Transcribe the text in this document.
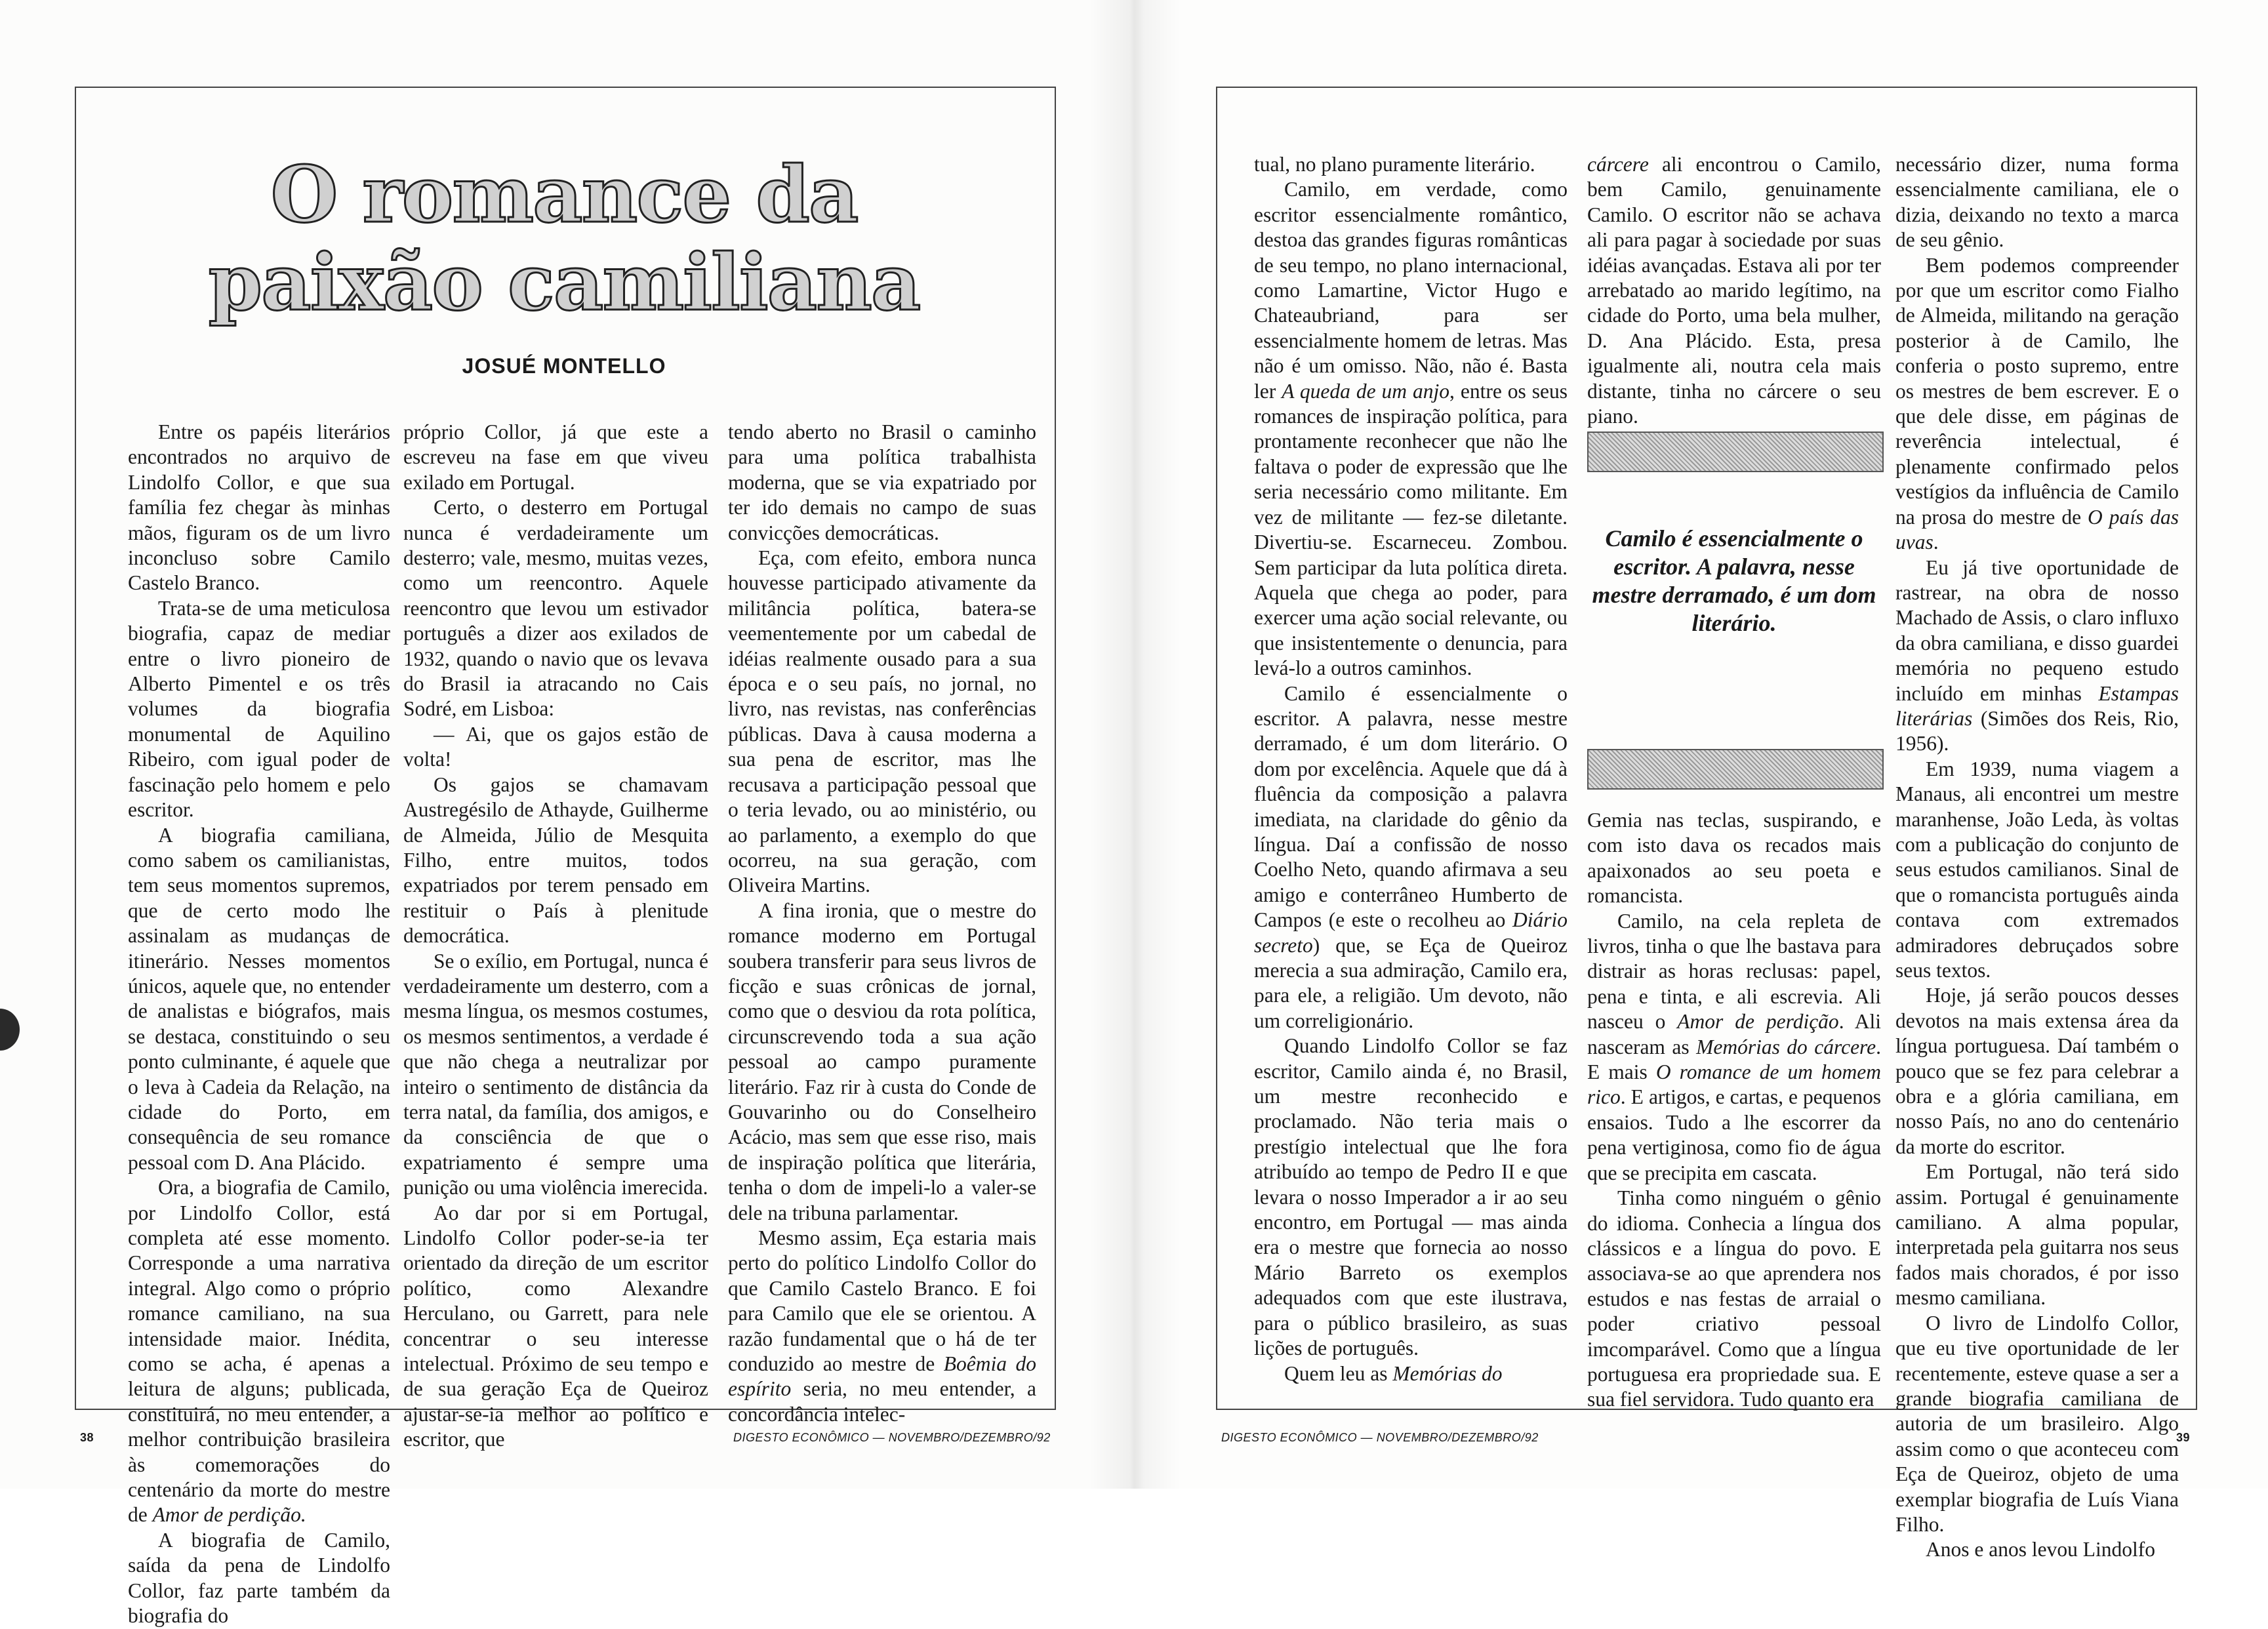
O romance da
paixão camiliana
JOSUÉ MONTELLO

Entre os papéis literários encontrados no arquivo de Lindolfo Collor, e que sua família fez chegar às minhas mãos, figuram os de um livro inconcluso sobre Camilo Castelo Branco.

Trata-se de uma meticulosa biografia, capaz de mediar entre o livro pioneiro de Alberto Pimentel e os três volumes da biografia monumental de Aquilino Ribeiro, com igual poder de fascinação pelo homem e pelo escritor.

A biografia camiliana, como sabem os camilianistas, tem seus momentos supremos, que de certo modo lhe assinalam as mudanças de itinerário. Nesses momentos únicos, aquele que, no entender de analistas e biógrafos, mais se destaca, constituindo o seu ponto culminante, é aquele que o leva à Cadeia da Relação, na cidade do Porto, em consequência de seu romance pessoal com D. Ana Plácido.

Ora, a biografia de Camilo, por Lindolfo Collor, está completa até esse momento. Corresponde a uma narrativa integral. Algo como o próprio romance camiliano, na sua intensidade maior. Inédita, como se acha, é apenas a leitura de alguns; publicada, constituirá, no meu entender, a melhor contribuição brasileira às comemorações do centenário da morte do mestre de Amor de perdição.

A biografia de Camilo, saída da pena de Lindolfo Collor, faz parte também da biografia do

próprio Collor, já que este a escreveu na fase em que viveu exilado em Portugal.

Certo, o desterro em Portugal nunca é verdadeiramente um desterro; vale, mesmo, muitas vezes, como um reencontro. Aquele reencontro que levou um estivador português a dizer aos exilados de 1932, quando o navio que os levava do Brasil ia atracando no Cais Sodré, em Lisboa:

— Ai, que os gajos estão de volta!

Os gajos se chamavam Austregésilo de Athayde, Guilherme de Almeida, Júlio de Mesquita Filho, entre muitos, todos expatriados por terem pensado em restituir o País à plenitude democrática.

Se o exílio, em Portugal, nunca é verdadeiramente um desterro, com a mesma língua, os mesmos costumes, os mesmos sentimentos, a verdade é que não chega a neutralizar por inteiro o sentimento de distância da terra natal, da família, dos amigos, e da consciência de que o expatriamento é sempre uma punição ou uma violência imerecida.

Ao dar por si em Portugal, Lindolfo Collor poder-se-ia ter orientado da direção de um escritor político, como Alexandre Herculano, ou Garrett, para nele concentrar o seu interesse intelectual. Próximo de seu tempo e de sua geração Eça de Queiroz ajustar-se-ia melhor ao político e escritor, que

tendo aberto no Brasil o caminho para uma política trabalhista moderna, que se via expatriado por ter ido demais no campo de suas convicções democráticas.

Eça, com efeito, embora nunca houvesse participado ativamente da militância política, batera-se veementemente por um cabedal de idéias realmente ousado para a sua época e o seu país, no jornal, no livro, nas revistas, nas conferências públicas. Dava à causa moderna a sua pena de escritor, mas lhe recusava a participação pessoal que o teria levado, ou ao ministério, ou ao parlamento, a exemplo do que ocorreu, na sua geração, com Oliveira Martins.

A fina ironia, que o mestre do romance moderno em Portugal soubera transferir para seus livros de ficção e suas crônicas de jornal, como que o desviou da rota política, circunscrevendo toda a sua ação pessoal ao campo puramente literário. Faz rir à custa do Conde de Gouvarinho ou do Conselheiro Acácio, mas sem que esse riso, mais de inspiração política que literária, tenha o dom de impeli-lo a valer-se dele na tribuna parlamentar.

Mesmo assim, Eça estaria mais perto do político Lindolfo Collor do que Camilo Castelo Branco. E foi para Camilo que ele se orientou. A razão fundamental que o há de ter conduzido ao mestre de Boêmia do espírito seria, no meu entender, a concordância intelec-

tual, no plano puramente literário.

Camilo, em verdade, como escritor essencialmente romântico, destoa das grandes figuras românticas de seu tempo, no plano internacional, como Lamartine, Victor Hugo e Chateaubriand, para ser essencialmente homem de letras. Mas não é um omisso. Não, não é. Basta ler A queda de um anjo, entre os seus romances de inspiração política, para prontamente reconhecer que não lhe faltava o poder de expressão que lhe seria necessário como militante. Em vez de militante — fez-se diletante. Divertiu-se. Escarneceu. Zombou. Sem participar da luta política direta. Aquela que chega ao poder, para exercer uma ação social relevante, ou que insistentemente o denuncia, para levá-lo a outros caminhos.

Camilo é essencialmente o escritor. A palavra, nesse mestre derramado, é um dom literário. O dom por excelência. Aquele que dá à fluência da composição a palavra imediata, na claridade do gênio da língua. Daí a confissão de nosso Coelho Neto, quando afirmava a seu amigo e conterrâneo Humberto de Campos (e este o recolheu ao Diário secreto) que, se Eça de Queiroz merecia a sua admiração, Camilo era, para ele, a religião. Um devoto, não um correligionário.

Quando Lindolfo Collor se faz escritor, Camilo ainda é, no Brasil, um mestre reconhecido e proclamado. Não teria mais o prestígio intelectual que lhe fora atribuído ao tempo de Pedro II e que levara o nosso Imperador a ir ao seu encontro, em Portugal — mas ainda era o mestre que fornecia ao nosso Mário Barreto os exemplos adequados com que este ilustrava, para o público brasileiro, as suas lições de português.

Quem leu as Memórias do

cárcere ali encontrou o Camilo, bem Camilo, genuinamente Camilo. O escritor não se achava ali para pagar à sociedade por suas idéias avançadas. Estava ali por ter arrebatado ao marido legítimo, na cidade do Porto, uma bela mulher, D. Ana Plácido. Esta, presa igualmente ali, noutra cela mais distante, tinha no cárcere o seu piano.

Camilo é essencialmente o escritor. A palavra, nesse mestre derramado, é um dom literário.

Gemia nas teclas, suspirando, e com isto dava os recados mais apaixonados ao seu poeta e romancista.

Camilo, na cela repleta de livros, tinha o que lhe bastava para distrair as horas reclusas: papel, pena e tinta, e ali escrevia. Ali nasceu o Amor de perdição. Ali nasceram as Memórias do cárcere. E mais O romance de um homem rico. E artigos, e cartas, e pequenos ensaios. Tudo a lhe escorrer da pena vertiginosa, como fio de água que se precipita em cascata.

Tinha como ninguém o gênio do idioma. Conhecia a língua dos clássicos e a língua do povo. E associava-se ao que aprendera nos estudos e nas festas de arraial o poder criativo pessoal imcomparável. Como que a língua portuguesa era propriedade sua. E sua fiel servidora. Tudo quanto era

necessário dizer, numa forma essencialmente camiliana, ele o dizia, deixando no texto a marca de seu gênio.

Bem podemos compreender por que um escritor como Fialho de Almeida, militando na geração posterior à de Camilo, lhe conferia o posto supremo, entre os mestres de bem escrever. E o que dele disse, em páginas de reverência intelectual, é plenamente confirmado pelos vestígios da influência de Camilo na prosa do mestre de O país das uvas.

Eu já tive oportunidade de rastrear, na obra de nosso Machado de Assis, o claro influxo da obra camiliana, e disso guardei memória no pequeno estudo incluído em minhas Estampas literárias (Simões dos Reis, Rio, 1956).

Em 1939, numa viagem a Manaus, ali encontrei um mestre maranhense, João Leda, às voltas com a publicação do conjunto de seus estudos camilianos. Sinal de que o romancista português ainda contava com extremados admiradores debruçados sobre seus textos.

Hoje, já serão poucos desses devotos na mais extensa área da língua portuguesa. Daí também o pouco que se fez para celebrar a obra e a glória camiliana, em nosso País, no ano do centenário da morte do escritor.

Em Portugal, não terá sido assim. Portugal é genuinamente camiliano. A alma popular, interpretada pela guitarra nos seus fados mais chorados, é por isso mesmo camiliana.

O livro de Lindolfo Collor, que eu tive oportunidade de ler recentemente, esteve quase a ser a grande biografia camiliana de autoria de um brasileiro. Algo assim como o que aconteceu com Eça de Queiroz, objeto de uma exemplar biografia de Luís Viana Filho.

Anos e anos levou Lindolfo

38	DIGESTO ECONÔMICO — NOVEMBRO/DEZEMBRO/92	DIGESTO ECONÔMICO — NOVEMBRO/DEZEMBRO/92	39
